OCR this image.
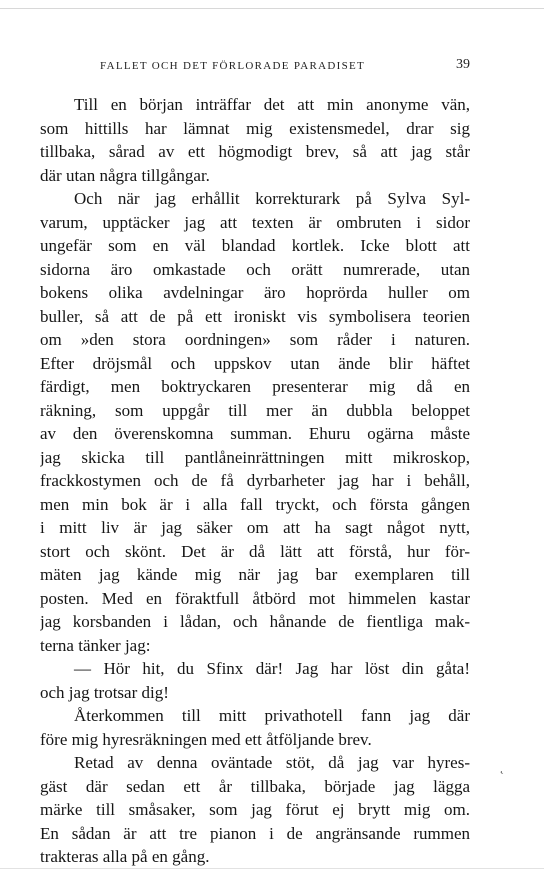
FALLET OCH DET FÖRLORADE PARADISET	39
Till en början inträffar det att min anonyme vän,
som hittills har lämnat mig existensmedel, drar sig
tillbaka, sårad av ett högmodigt brev, så att jag står
där utan några tillgångar.
Och när jag erhållit korrekturark på Sylva Syl-
varum, upptäcker jag att texten är ombruten i sidor
ungefär som en väl blandad kortlek. Icke blott att
sidorna äro omkastade och orätt numrerade, utan
bokens olika avdelningar äro hoprörda huller om
buller, så att de på ett ironiskt vis symbolisera teorien
om »den stora oordningen» som råder i naturen.
Efter dröjsmål och uppskov utan ände blir häftet
färdigt, men boktryckaren presenterar mig då en
räkning, som uppgår till mer än dubbla beloppet
av den överenskomna summan. Ehuru ogärna måste
jag skicka till pantlåneinrättningen mitt mikroskop,
frackkostymen och de få dyrbarheter jag har i behåll,
men min bok är i alla fall tryckt, och första gången
i mitt liv är jag säker om att ha sagt något nytt,
stort och skönt. Det är då lätt att förstå, hur för-
mäten jag kände mig när jag bar exemplaren till
posten. Med en föraktfull åtbörd mot himmelen kastar
jag korsbanden i lådan, och hånande de fientliga mak-
terna tänker jag:
— Hör hit, du Sfinx där! Jag har löst din gåta!
och jag trotsar dig!
Återkommen till mitt privathotell fann jag där
före mig hyresräkningen med ett åtföljande brev.
Retad av denna oväntade stöt, då jag var hyres-
gäst där sedan ett år tillbaka, började jag lägga
märke till småsaker, som jag förut ej brytt mig om.
En sådan är att tre pianon i de angränsande rummen
trakteras alla på en gång.
˛
